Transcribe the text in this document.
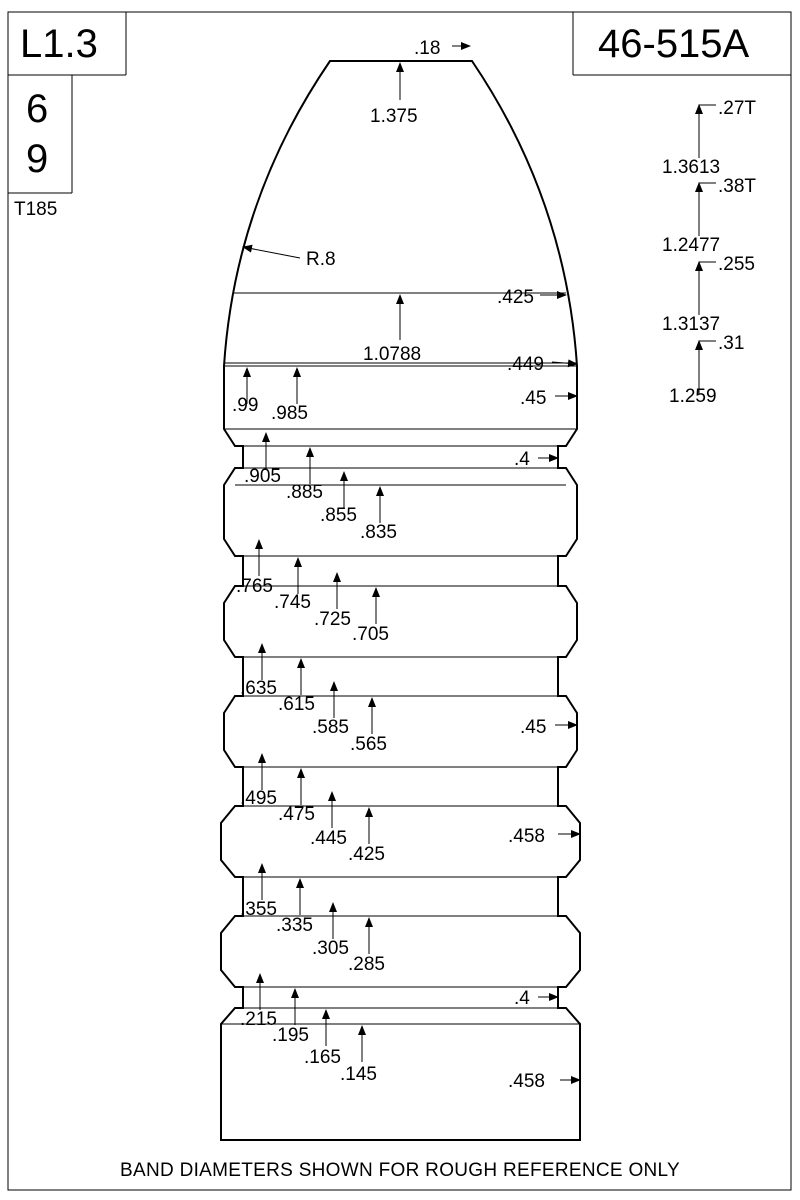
L1.3
6
9
T185
46-515A
.18
1.375
R.8
.425
1.0788	.449
.45
.4
.45
.458
.4
.458
.99 .985
.905
.885
.855
.835
.765
.745
.725
.705
.635
.615
.585
.565
.495
.475
.445
.425
.355
.335
.305
.285
.215
.195
.165
.145
.27T
1.3613
.38T
1.2477
.255
1.3137
.31
1.259
BAND DIAMETERS SHOWN FOR ROUGH REFERENCE ONLY
